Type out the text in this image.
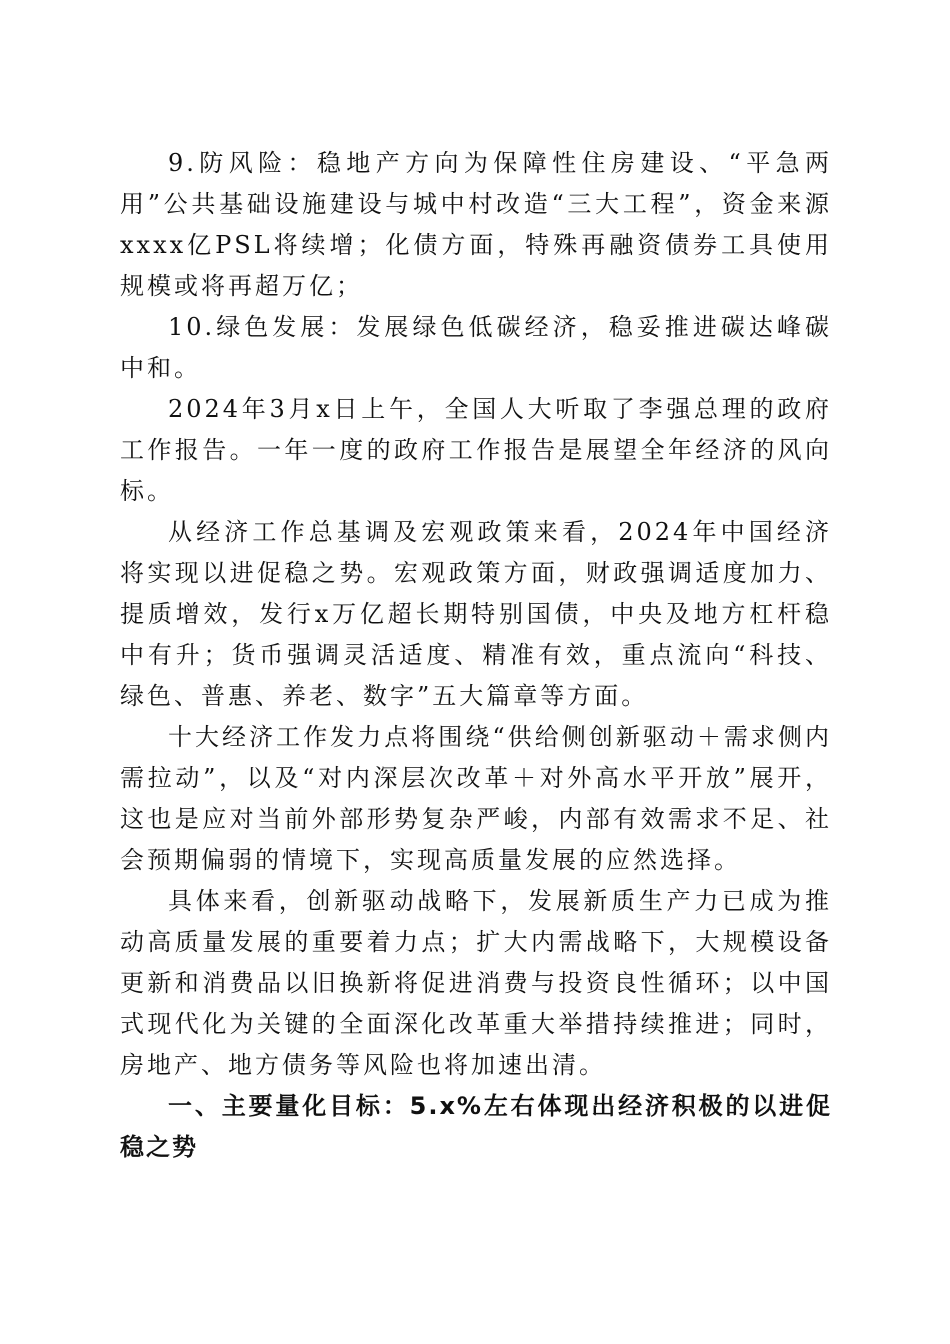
9.防风险：稳地产方向为保障性住房建设、“平急两用”公共基础设施建设与城中村改造“三大工程”，资金来源xxxx亿PSL将续增；化债方面，特殊再融资债券工具使用规模或将再超万亿；

10.绿色发展：发展绿色低碳经济，稳妥推进碳达峰碳中和。

2024年3月x日上午，全国人大听取了李强总理的政府工作报告。一年一度的政府工作报告是展望全年经济的风向标。

从经济工作总基调及宏观政策来看，2024年中国经济将实现以进促稳之势。宏观政策方面，财政强调适度加力、提质增效，发行x万亿超长期特别国债，中央及地方杠杆稳中有升；货币强调灵活适度、精准有效，重点流向“科技、绿色、普惠、养老、数字”五大篇章等方面。

十大经济工作发力点将围绕“供给侧创新驱动＋需求侧内需拉动”，以及“对内深层次改革＋对外高水平开放”展开，这也是应对当前外部形势复杂严峻，内部有效需求不足、社会预期偏弱的情境下，实现高质量发展的应然选择。

具体来看，创新驱动战略下，发展新质生产力已成为推动高质量发展的重要着力点；扩大内需战略下，大规模设备更新和消费品以旧换新将促进消费与投资良性循环；以中国式现代化为关键的全面深化改革重大举措持续推进；同时，房地产、地方债务等风险也将加速出清。

一、主要量化目标：5.x%左右体现出经济积极的以进促稳之势
